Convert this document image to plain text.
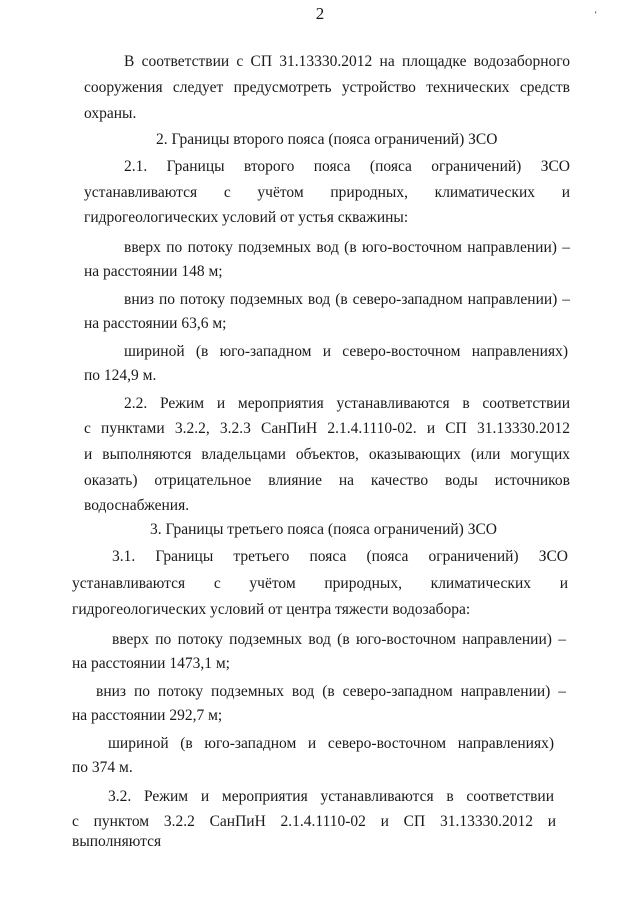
2	‘
В соответствии с СП 31.13330.2012 на площадке водозаборного
сооружения следует предусмотреть устройство технических средств
охраны.
2. Границы второго пояса (пояса ограничений) ЗСО
2.1. Границы второго пояса (пояса ограничений) ЗСО
устанавливаются с учётом природных, климатических и
гидрогеологических условий от устья скважины:
вверх по потоку подземных вод (в юго-восточном направлении) –
на расстоянии 148 м;
вниз по потоку подземных вод (в северо-западном направлении) –
на расстоянии 63,6 м;
шириной (в юго-западном и северо-восточном направлениях)
по 124,9 м.
2.2. Режим и мероприятия устанавливаются в соответствии
с пунктами 3.2.2, 3.2.3 СанПиН 2.1.4.1110-02. и СП 31.13330.2012
и выполняются владельцами объектов, оказывающих (или могущих
оказать) отрицательное влияние на качество воды источников
водоснабжения.
3. Границы третьего пояса (пояса ограничений) ЗСО
3.1. Границы третьего пояса (пояса ограничений) ЗСО
устанавливаются с учётом природных, климатических и
гидрогеологических условий от центра тяжести водозабора:
вверх по потоку подземных вод (в юго-восточном направлении) –
на расстоянии 1473,1 м;
вниз по потоку подземных вод (в северо-западном направлении) –
на расстоянии 292,7 м;
шириной (в юго-западном и северо-восточном направлениях)
по 374 м.
3.2. Режим и мероприятия устанавливаются в соответствии
с пунктом 3.2.2 СанПиН 2.1.4.1110-02 и СП 31.13330.2012 и выполняются
